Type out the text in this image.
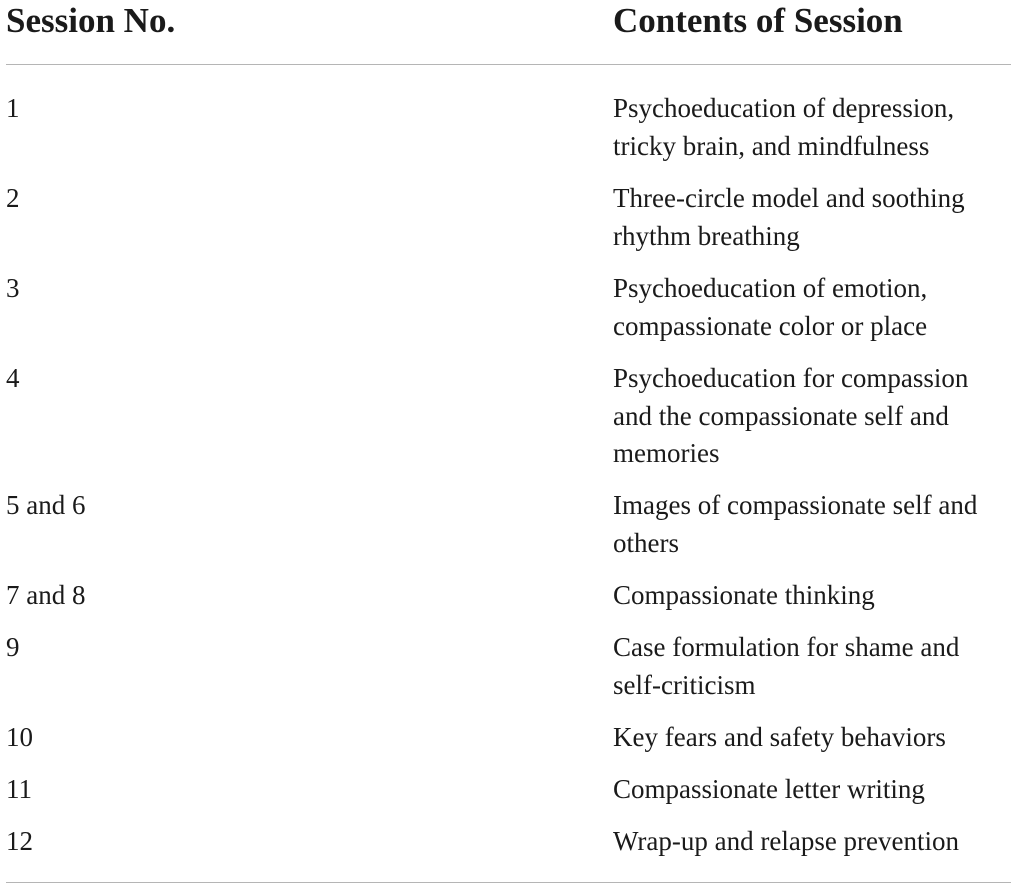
Session No.	Contents of Session
1	Psychoeducation of depression,
tricky brain, and mindfulness
2	Three-circle model and soothing
rhythm breathing
3	Psychoeducation of emotion,
compassionate color or place
4	Psychoeducation for compassion
and the compassionate self and
memories
5 and 6	Images of compassionate self and
others
7 and 8	Compassionate thinking
9	Case formulation for shame and
self-criticism
10	Key fears and safety behaviors
11	Compassionate letter writing
12	Wrap-up and relapse prevention
